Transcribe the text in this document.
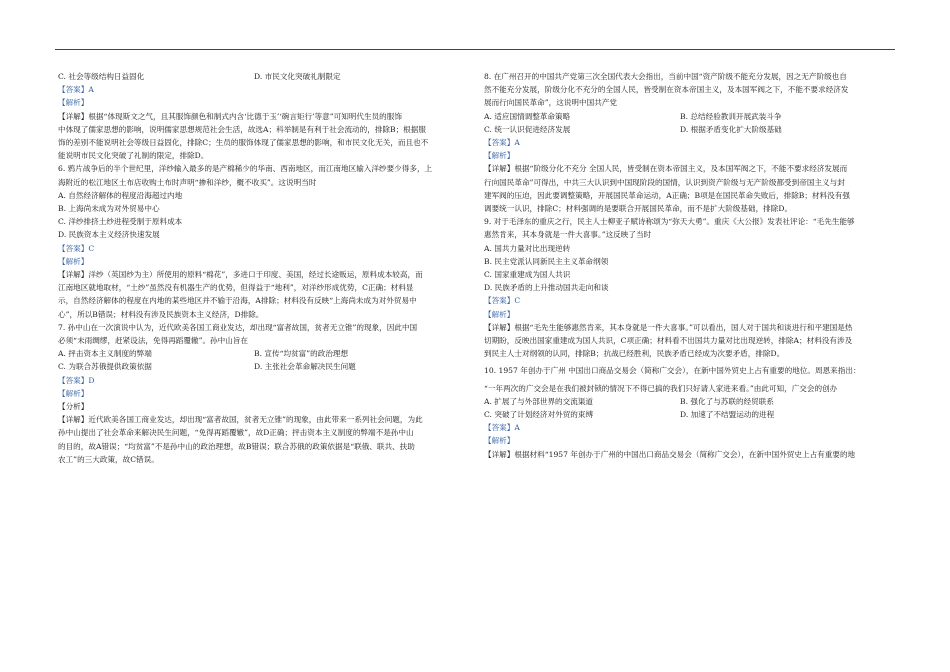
C. 社会等级结构日益固化	D. 市民文化突破礼制限定

【答案】A

【解析】

【详解】根据“体现斯文之气，且其服饰颜色和制式内含‘比德于玉’‘碗言矩行’等意”可知明代生员的服饰

中体现了儒家思想的影响，说明儒家思想规范社会生活，故选A；科举制是有利于社会流动的，排除B；根据服

饰的差别不能说明社会等级日益固化，排除C；生员的服饰体现了儒家思想的影响，和市民文化无关，而且也不

能说明市民文化突破了礼制的限定，排除D。

6. 鸦片战争后的半个世纪里，洋纱输入最多的是产棉稀少的华南、西南地区，而江南地区输入洋纱要少得多，上

海附近的松江地区土布店收购土布时声明“掺和洋纱，概不收买”。这说明当时

A. 自然经济解体的程度沿海超过内地

B. 上海尚未成为对外贸易中心

C. 洋纱排挤土纱进程受制于原料成本

D. 民族资本主义经济快速发展

【答案】C

【解析】

【详解】洋纱（英国纱为主）所使用的原料“棉花”，多进口于印度、美国，经过长途贩运，原料成本较高，而

江南地区就地取材，“土纱”虽然没有机器生产的优势，但得益于“地利”，对洋纱形成优势，C正确；材料显

示，自然经济解体的程度在内地的某些地区并不输于沿海，A排除；材料没有反映“上海尚未成为对外贸易中

心”，所以B错误；材料没有涉及民族资本主义经济，D排除。

7. 孙中山在一次演说中认为，近代欧美各国工商业发达，却出现“富者故国，贫者无立锥”的现象，因此中国

必须“未雨绸缪，赶紧设法，免得再蹈覆辙”。孙中山旨在

A. 抨击资本主义制度的弊端	B. 宣传“均贫富”的政治理想
C. 为联合苏俄提供政策依据	D. 主张社会革命解决民生问题

【答案】D

【解析】

【分析】

【详解】近代欧美各国工商业发达，却出现“富者故国，贫者无立锥”的现象，由此带来一系列社会问题，为此

孙中山提出了社会革命来解决民生问题，“免得再蹈覆辙”，故D正确；抨击资本主义制度的弊端不是孙中山

的目的，故A错误；“均贫富”不是孙中山的政治理想，故B错误；联合苏俄的政策依据是“联俄、联共、扶助

农工”的三大政策，故C错误。

8. 在广州召开的中国共产党第三次全国代表大会指出，当前中国“资产阶级不能充分发展，因之无产阶级也自

然不能充分发展，阶级分化不充分的全国人民，皆受制在资本帝国主义，及本国军阀之下，不能不要求经济发

展而行向国民革命”，这说明中国共产党

A. 适应国情调整革命策略	B. 总结经验教训开展武装斗争
C. 统一认识促进经济发展	D. 根据矛盾变化扩大阶级基础

【答案】A

【解析】

【详解】根据“阶级分化不充分 全国人民，皆受制在资本帝国主义，及本国军阀之下，不能不要求经济发展而

行向国民革命”可得出，中共三大认识到中国现阶段的国情，认识到资产阶级与无产阶级都受到帝国主义与封

建军阀的压迫，因此要调整策略，开展国民革命运动，A正确；B项是在国民革命失败后，排除B；材料没有强

调要统一认识，排除C；材料强调的是要联合开展国民革命，而不是扩大阶级基础，排除D。

9. 对于毛泽东的重庆之行，民主人士柳亚子赋诗称颂为“弥天大勇”。重庆《大公报》发表社评论：“毛先生能够

惠然肯来，其本身就是一件大喜事。”这反映了当时

A. 国共力量对比出现逆转

B. 民主党派认同新民主主义革命纲领

C. 国家重建成为国人共识

D. 民族矛盾的上升推动国共走向和谈

【答案】C

【解析】

【详解】根据“毛先生能够惠然肯来，其本身就是一件大喜事。”可以看出，国人对于国共和谈进行和平建国是热

切期盼，反映出国家重建成为国人共识，C项正确；材料看不出国共力量对比出现逆转，排除A；材料没有涉及

到民主人士对纲领的认同，排除B；抗战已经胜利，民族矛盾已经成为次要矛盾，排除D。

10. 1957 年创办于广州 中国出口商品交易会（简称广交会），在新中国外贸史上占有重要的地位。周恩来指出：

“一年两次的广交会是在我们被封锁的情况下不得已搞的我们只好请人家进来看。”由此可知，广交会的创办

A. 扩展了与外部世界的交流渠道	B. 强化了与苏联的经贸联系
C. 突破了计划经济对外贸的束缚	D. 加速了不结盟运动的进程

【答案】A

【解析】

【详解】根据材料“1957 年创办于广州的中国出口商品交易会（简称广交会），在新中国外贸史上占有重要的地
